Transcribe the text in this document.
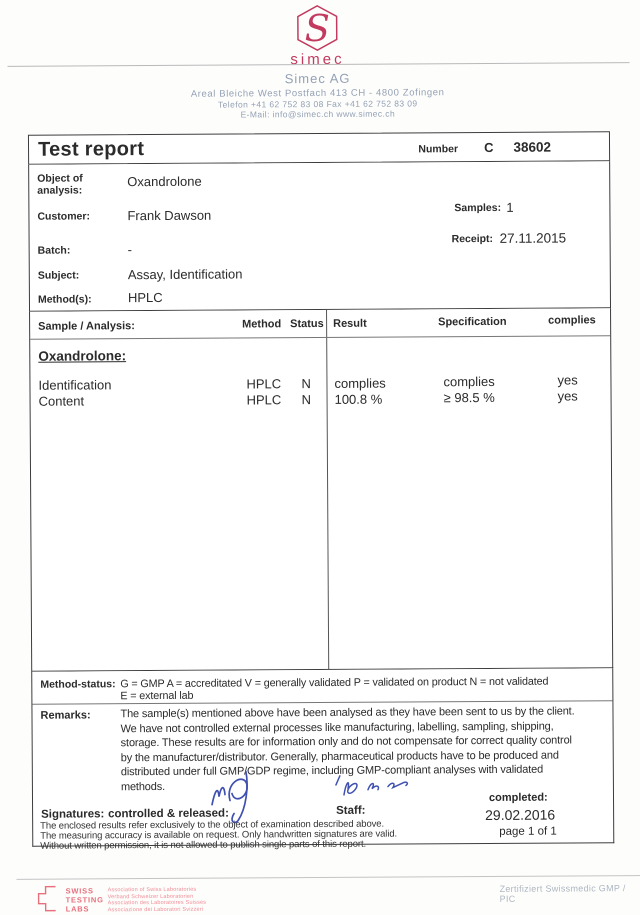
S
simec
Simec AG
Areal Bleiche West Postfach 413 CH - 4800 Zofingen
Telefon +41 62 752 83 08 Fax +41 62 752 83 09
E-Mail: info@simec.ch www.simec.ch
Test report	Number C 38602
Object of analysis:
Oxandrolone
Customer:	Frank Dawson	Samples: 1
Batch:	-
Receipt: 27.11.2015
Subject:	Assay, Identification
Method(s):	HPLC
Sample / Analysis:	Method Status Result	Specification	complies
Oxandrolone:
Identification	HPLC N complies	complies	yes
Content	HPLC N 100.8 %	≥ 98.5 %	yes
Method-status: G = GMP A = accreditated V = generally validated P = validated on product N = not validated
E = external lab
Remarks:	The sample(s) mentioned above have been analysed as they have been sent to us by the client.
We have not controlled external processes like manufacturing, labelling, sampling, shipping,
storage. These results are for information only and do not compensate for correct quality control
by the manufacturer/distributor. Generally, pharmaceutical products have to be produced and
distributed under full GMP/GDP regime, including GMP-compliant analyses with validated
methods.
Signatures: controlled & released:	Staff:
completed:
29.02.2016
page 1 of 1
The enclosed results refer exclusively to the object of examination described above.
The measuring accuracy is available on request. Only handwritten signatures are valid.
Without written permission, it is not allowed to publish single parts of this report.
SWISS
TESTING
LABS
Association of Swiss Laboratories
Verband Schweizer Laboratorien
Association des Laboratoires Suisses
Associazione dei Laboratori Svizzeri
Zertifiziert Swissmedic GMP / PIC
